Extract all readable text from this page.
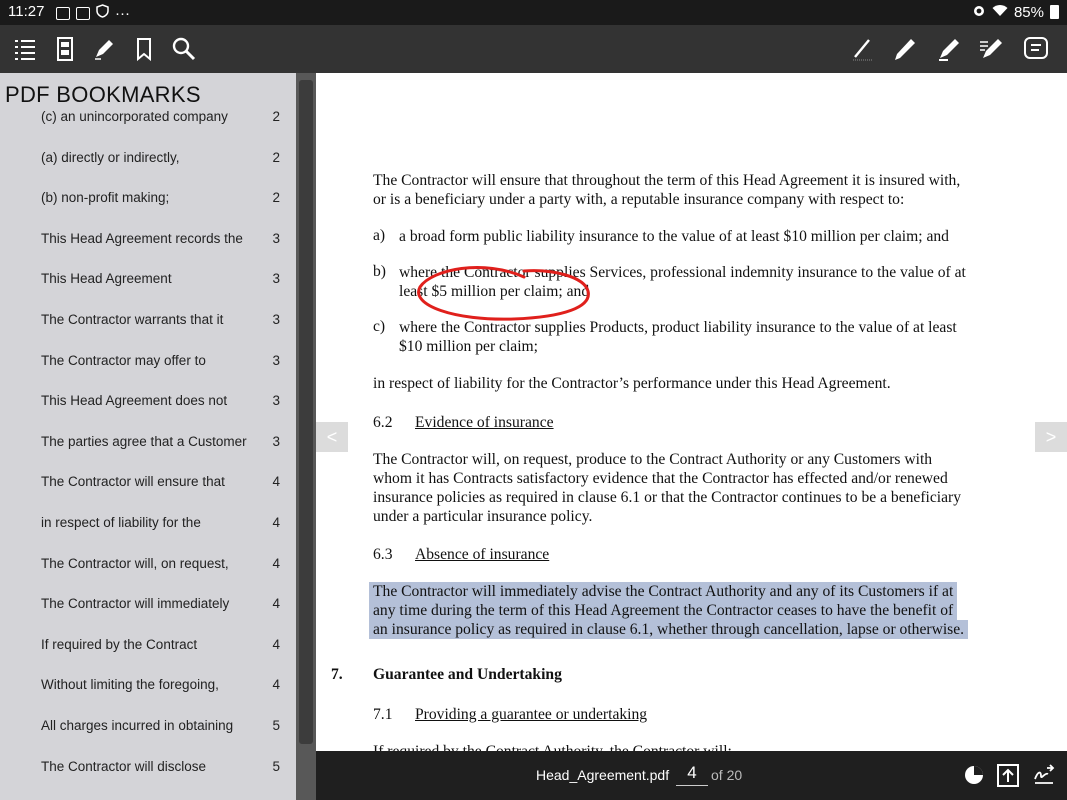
11:27	···	85%
PDF BOOKMARKS
(c) an unincorporated company	2
(a) directly or indirectly,	2
(b) non-profit making;	2
This Head Agreement records the 3
This Head Agreement	3
The Contractor warrants that it	3
The Contractor may offer to	3
This Head Agreement does not	3
The parties agree that a Customer 3
The Contractor will ensure that	4
in respect of liability for the	4
The Contractor will, on request,	4
The Contractor will immediately	4
If required by the Contract	4
Without limiting the foregoing,	4
All charges incurred in obtaining	5
The Contractor will disclose	5
The Contractor will ensure that throughout the term of this Head Agreement it is insured with,
or is a beneficiary under a party with, a reputable insurance company with respect to:
a) a broad form public liability insurance to the value of at least $10 million per claim; and
b) where the Contractor supplies Services, professional indemnity insurance to the value of at
least $5 million per claim; and
c) where the Contractor supplies Products, product liability insurance to the value of at least
$10 million per claim;
in respect of liability for the Contractor’s performance under this Head Agreement.
6.2 Evidence of insurance
The Contractor will, on request, produce to the Contract Authority or any Customers with
whom it has Contracts satisfactory evidence that the Contractor has effected and/or renewed
insurance policies as required in clause 6.1 or that the Contractor continues to be a beneficiary
under a particular insurance policy.
6.3 Absence of insurance
The Contractor will immediately advise the Contract Authority and any of its Customers if at
any time during the term of this Head Agreement the Contractor ceases to have the benefit of
an insurance policy as required in clause 6.1, whether through cancellation, lapse or otherwise.
7. Guarantee and Undertaking
7.1 Providing a guarantee or undertaking
<	>
Head_Agreement.pdf	4	of 20
